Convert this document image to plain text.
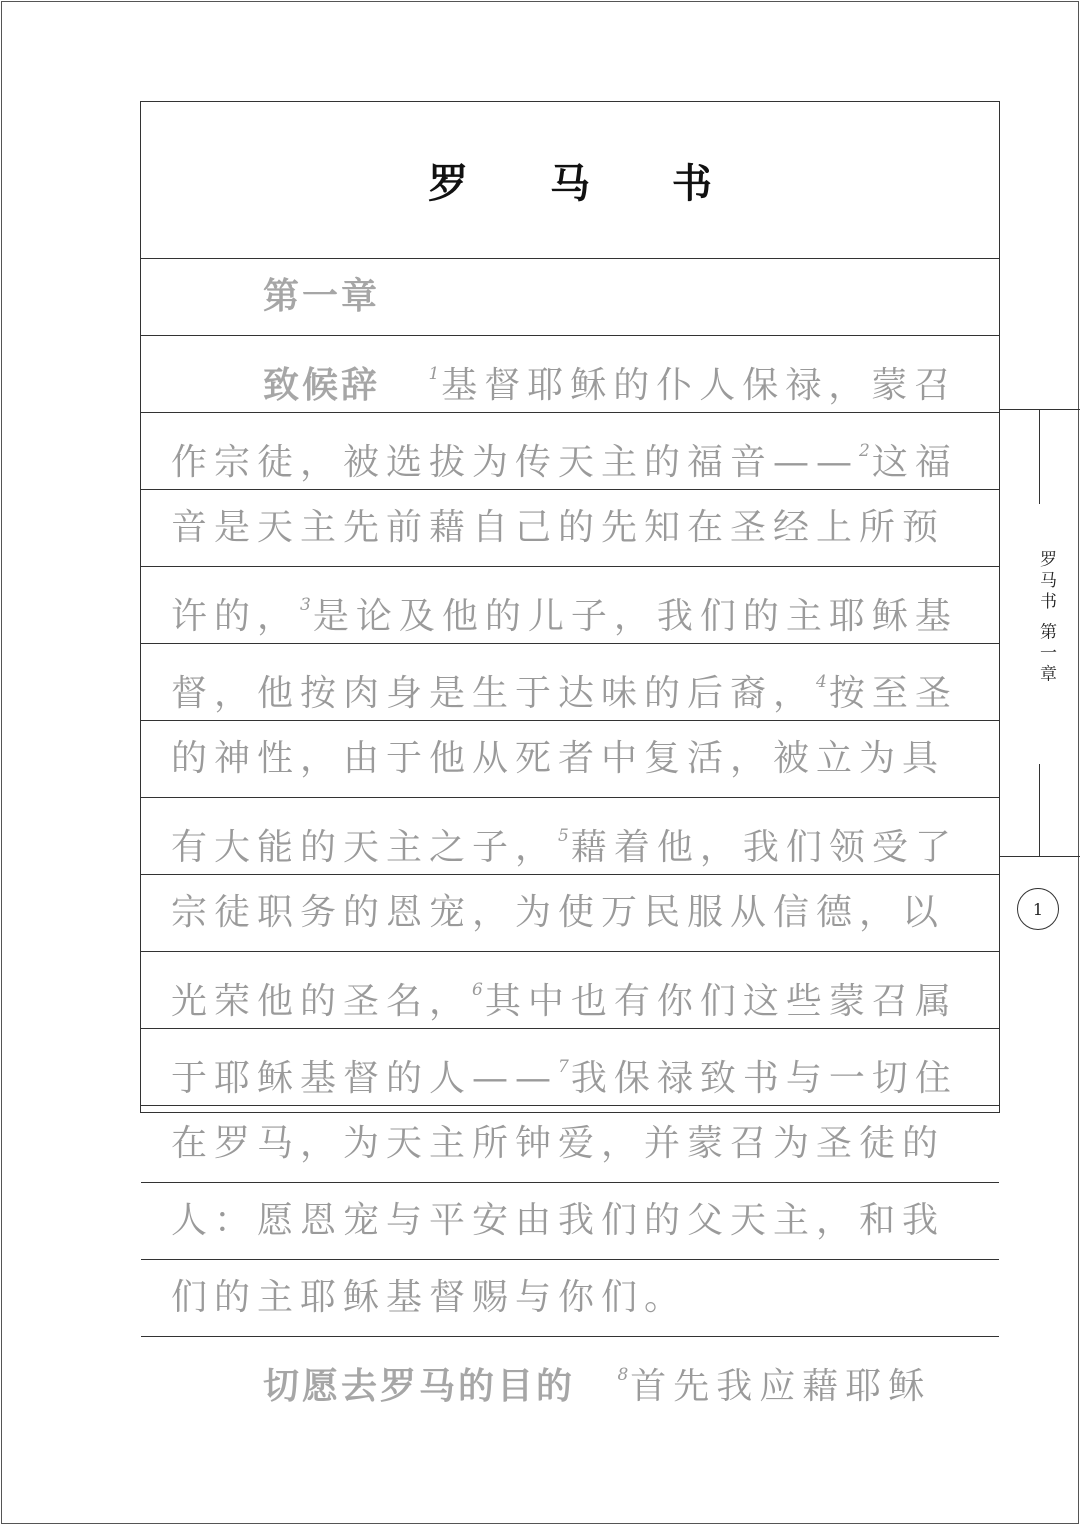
罗 马 书
第一章
致候辞	$^1$基督耶稣的仆人保禄，蒙召
作宗徒，被选拔为传天主的福音——$^2$这福
音是天主先前藉自己的先知在圣经上所预
许的，$^3$是论及他的儿子，我们的主耶稣基
督，他按肉身是生于达味的后裔，$^4$按至圣
的神性，由于他从死者中复活，被立为具
有大能的天主之子，$^5$藉着他，我们领受了
宗徒职务的恩宠，为使万民服从信德，以
光荣他的圣名，$^6$其中也有你们这些蒙召属
于耶稣基督的人——$^7$我保禄致书与一切住
在罗马，为天主所钟爱，并蒙召为圣徒的
人：愿恩宠与平安由我们的父天主，和我
们的主耶稣基督赐与你们。
切愿去罗马的目的 $^8$首先我应藉耶稣
罗马书 第一章
1
